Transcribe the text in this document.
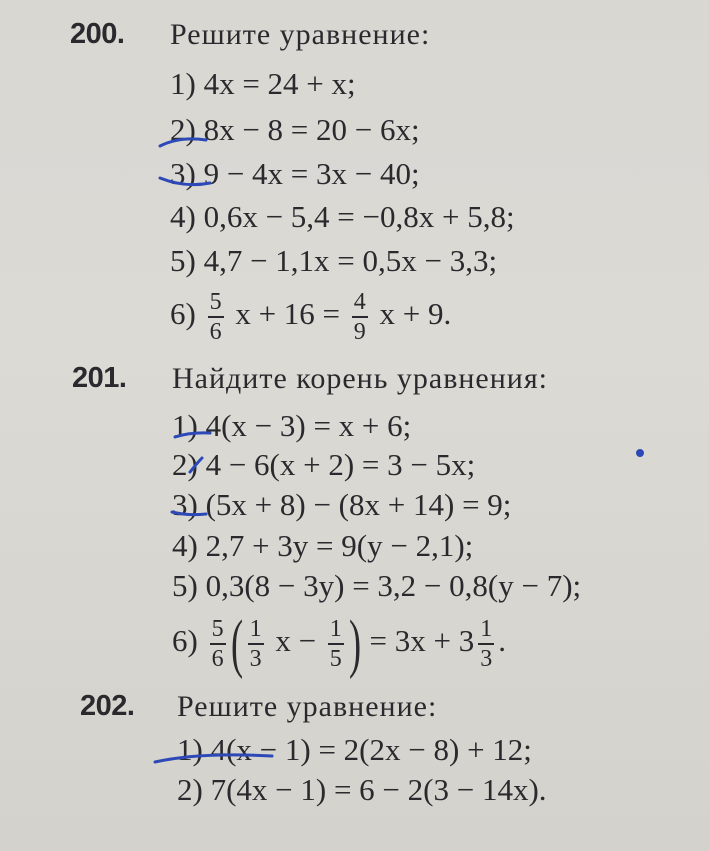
200. Решите уравнение:
1) 4x = 24 + x;
2) 8x − 8 = 20 − 6x;
3) 9 − 4x = 3x − 40;
4) 0,6x − 5,4 = −0,8x + 5,8;
5) 4,7 − 1,1x = 0,5x − 3,3;
$6) \frac{5}{6}$ $x + 16 = \frac{4}{9}$ x + 9.
201. Найдите корень уравнения:
1) 4(x − 3) = x + 6;
2) 4 − 6(x + 2) = 3 − 5x;
3) (5x + 8) − (8x + 14) = 9;
4) 2,7 + 3y = 9(y − 2,1);
5) 0,3(8 − 3y) = 3,2 − 0,8(y − 7);
$6) \frac{5}{6}$ ( $\frac{1}{3}$ $x - \frac{1}{5}$ ) = $3x + 3 \frac{1}{3}$ .
202. Решите уравнение:
1) 4(x − 1) = 2(2x − 8) + 12;
2) 7(4x − 1) = 6 − 2(3 − 14x).
